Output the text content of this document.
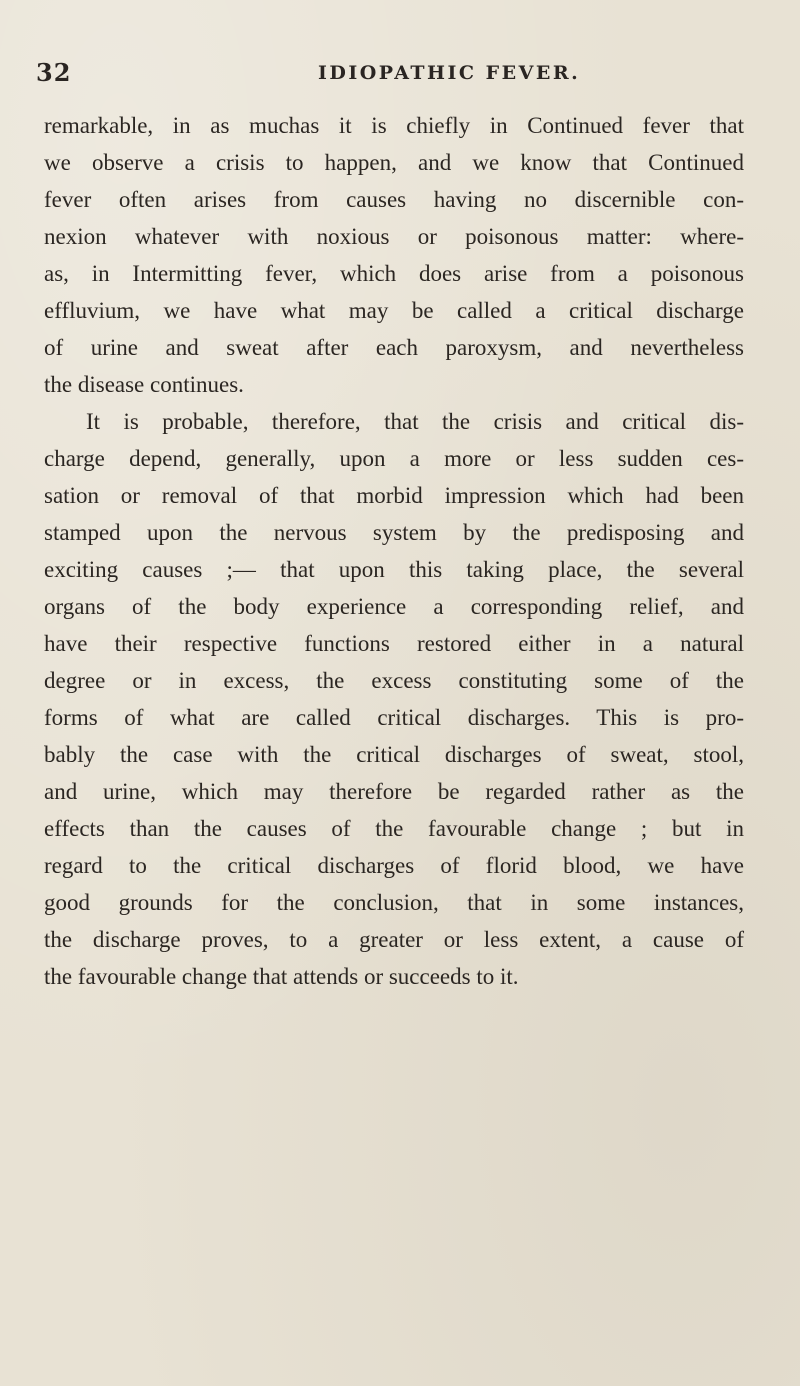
32	IDIOPATHIC FEVER.
remarkable, in as muchas it is chiefly in Continued fever that
we observe a crisis to happen, and we know that Continued
fever often arises from causes having no discernible con-
nexion whatever with noxious or poisonous matter: where-
as, in Intermitting fever, which does arise from a poisonous
effluvium, we have what may be called a critical discharge
of urine and sweat after each paroxysm, and nevertheless
the disease continues.
It is probable, therefore, that the crisis and critical dis-
charge depend, generally, upon a more or less sudden ces-
sation or removal of that morbid impression which had been
stamped upon the nervous system by the predisposing and
exciting causes ;— that upon this taking place, the several
organs of the body experience a corresponding relief, and
have their respective functions restored either in a natural
degree or in excess, the excess constituting some of the
forms of what are called critical discharges. This is pro-
bably the case with the critical discharges of sweat, stool,
and urine, which may therefore be regarded rather as the
effects than the causes of the favourable change ; but in
regard to the critical discharges of florid blood, we have
good grounds for the conclusion, that in some instances,
the discharge proves, to a greater or less extent, a cause of
the favourable change that attends or succeeds to it.
